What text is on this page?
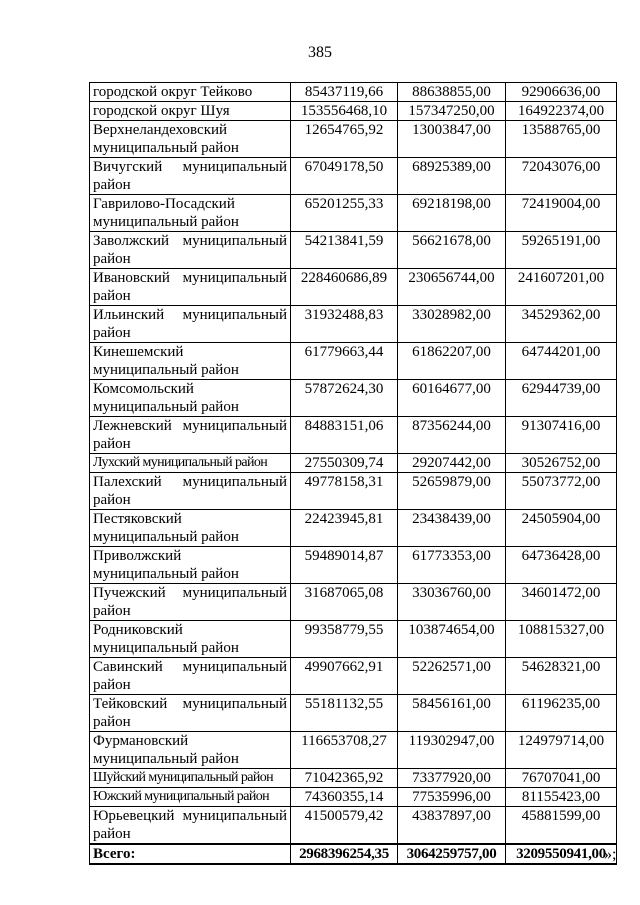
385
городской округ Тейково	85437119,66	88638855,00	92906636,00
городской округ Шуя	153556468,10	157347250,00	164922374,00
Верхнеландеховский муниципальный район	12654765,92	13003847,00	13588765,00
Вичугский муниципальный район	67049178,50	68925389,00	72043076,00
Гаврилово-Посадский муниципальный район	65201255,33	69218198,00	72419004,00
Заволжский муниципальный район	54213841,59	56621678,00	59265191,00
Ивановский муниципальный район	228460686,89	230656744,00	241607201,00
Ильинский муниципальный район	31932488,83	33028982,00	34529362,00
Кинешемский муниципальный район	61779663,44	61862207,00	64744201,00
Комсомольский муниципальный район	57872624,30	60164677,00	62944739,00
Лежневский муниципальный район	84883151,06	87356244,00	91307416,00
Лухский муниципальный район	27550309,74	29207442,00	30526752,00
Палехский муниципальный район	49778158,31	52659879,00	55073772,00
Пестяковский муниципальный район	22423945,81	23438439,00	24505904,00
Приволжский муниципальный район	59489014,87	61773353,00	64736428,00
Пучежский муниципальный район	31687065,08	33036760,00	34601472,00
Родниковский муниципальный район	99358779,55	103874654,00	108815327,00
Савинский муниципальный район	49907662,91	52262571,00	54628321,00
Тейковский муниципальный район	55181132,55	58456161,00	61196235,00
Фурмановский муниципальный район	116653708,27	119302947,00	124979714,00
Шуйский муниципальный район	71042365,92	73377920,00	76707041,00
Южский муниципальный район	74360355,14	77535996,00	81155423,00
Юрьевецкий муниципальный район	41500579,42	43837897,00	45881599,00
Всего:	2968396254,35	3064259757,00	3209550941,00
»;
